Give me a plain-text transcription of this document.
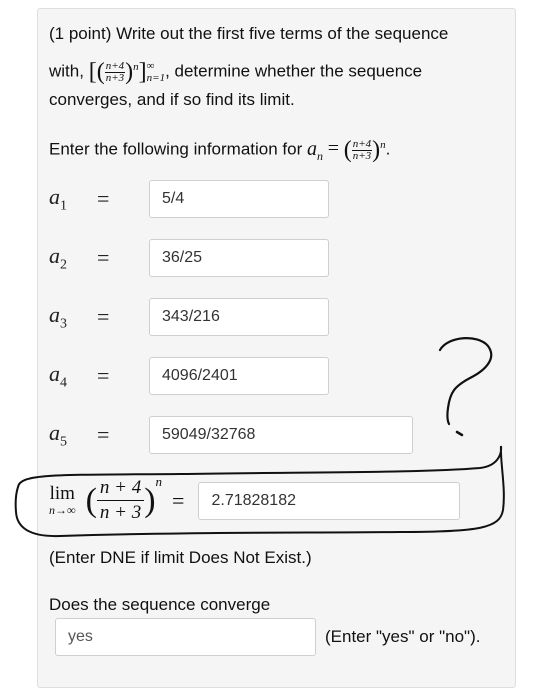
(1 point) Write out the first five terms of the sequence
with, [( $\frac{n+4}{n+3} )^n$] ∞
n=1 , determine whether the sequence
converges, and if so find its limit.
Enter the following information for $a_n$ = ( $\frac{n+4}{n+3} )^n$.
$a_1$	=	5/4
$a_2$	=	36/25
$a_3$	=	343/216
$a_4$	=	4096/2401
$a_5$	=	59049/32768
lim
n→∞ ( $\frac{n + 4}{n + 3}$ ) n
=	2.71828182
(Enter DNE if limit Does Not Exist.)
Does the sequence converge
yes	(Enter "yes" or "no").
